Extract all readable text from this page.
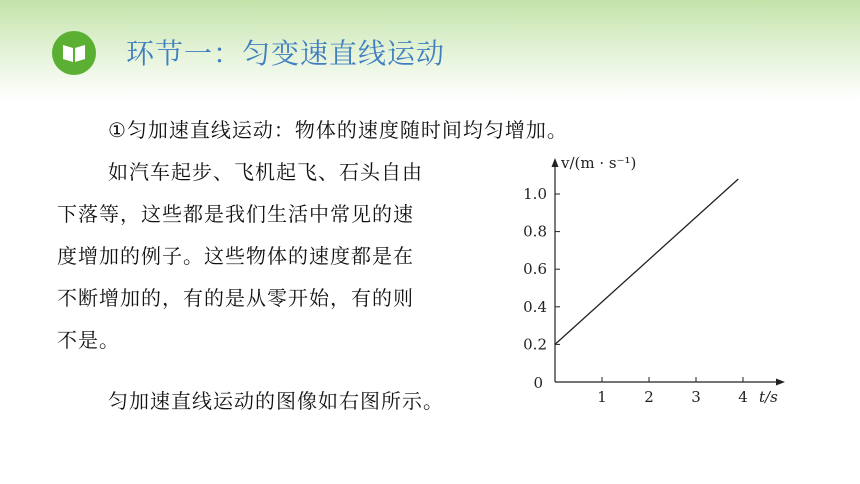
环节一：匀变速直线运动
①匀加速直线运动：物体的速度随时间均匀增加。
如汽车起步、飞机起飞、石头自由
下落等，这些都是我们生活中常见的速
度增加的例子。这些物体的速度都是在
不断增加的，有的是从零开始，有的则
不是。
匀加速直线运动的图像如右图所示。	1 2 3 4
0.2
0.4
0.6
0.8
1.0
0
t/s
v/(m · s⁻¹)
